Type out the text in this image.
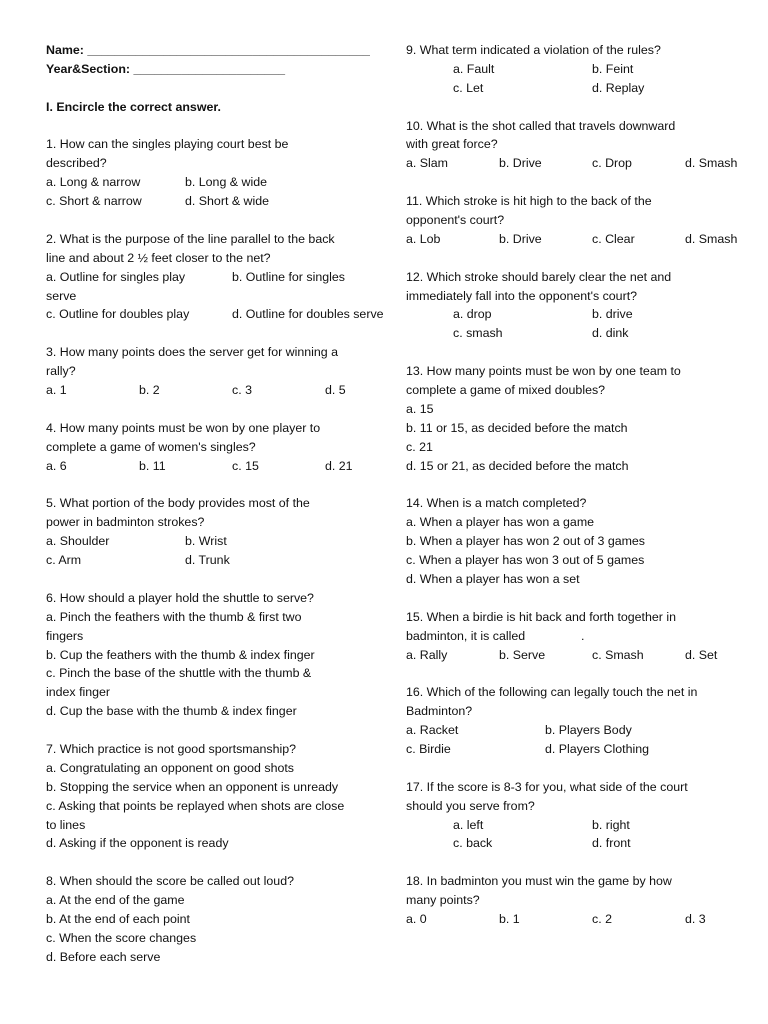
Name: _________________________________________
Year&Section: ______________________
I. Encircle the correct answer.
1. How can the singles playing court best be
described?
a. Long & narrow	b. Long & wide
c. Short & narrow	d. Short & wide
2. What is the purpose of the line parallel to the back
line and about 2 ½ feet closer to the net?
a. Outline for singles play	b. Outline for singles
serve
c. Outline for doubles play	d. Outline for doubles serve
3. How many points does the server get for winning a
rally?
a. 1	b. 2	c. 3	d. 5
4. How many points must be won by one player to
complete a game of women's singles?
a. 6	b. 11	c. 15	d. 21
5. What portion of the body provides most of the
power in badminton strokes?
a. Shoulder	b. Wrist
c. Arm	d. Trunk
6. How should a player hold the shuttle to serve?
a. Pinch the feathers with the thumb & first two
fingers
b. Cup the feathers with the thumb & index finger
c. Pinch the base of the shuttle with the thumb &
index finger
d. Cup the base with the thumb & index finger
7. Which practice is not good sportsmanship?
a. Congratulating an opponent on good shots
b. Stopping the service when an opponent is unready
c. Asking that points be replayed when shots are close
to lines
d. Asking if the opponent is ready
8. When should the score be called out loud?
a. At the end of the game
b. At the end of each point
c. When the score changes
d. Before each serve
9. What term indicated a violation of the rules?
a. Fault	b. Feint
c. Let	d. Replay
10. What is the shot called that travels downward
with great force?
a. Slam	b. Drive	c. Drop	d. Smash
11. Which stroke is hit high to the back of the
opponent's court?
a. Lob	b. Drive	c. Clear	d. Smash
12. Which stroke should barely clear the net and
immediately fall into the opponent's court?
a. drop	b. drive
c. smash	d. dink
13. How many points must be won by one team to
complete a game of mixed doubles?
a. 15
b. 11 or 15, as decided before the match
c. 21
d. 15 or 21, as decided before the match
14. When is a match completed?
a. When a player has won a game
b. When a player has won 2 out of 3 games
c. When a player has won 3 out of 5 games
d. When a player has won a set
15. When a birdie is hit back and forth together in
badminton, it is called	.
a. Rally	b. Serve	c. Smash	d. Set
16. Which of the following can legally touch the net in
Badminton?
a. Racket	b. Players Body
c. Birdie	d. Players Clothing
17. If the score is 8-3 for you, what side of the court
should you serve from?
a. left	b. right
c. back	d. front
18. In badminton you must win the game by how
many points?
a. 0	b. 1	c. 2	d. 3
